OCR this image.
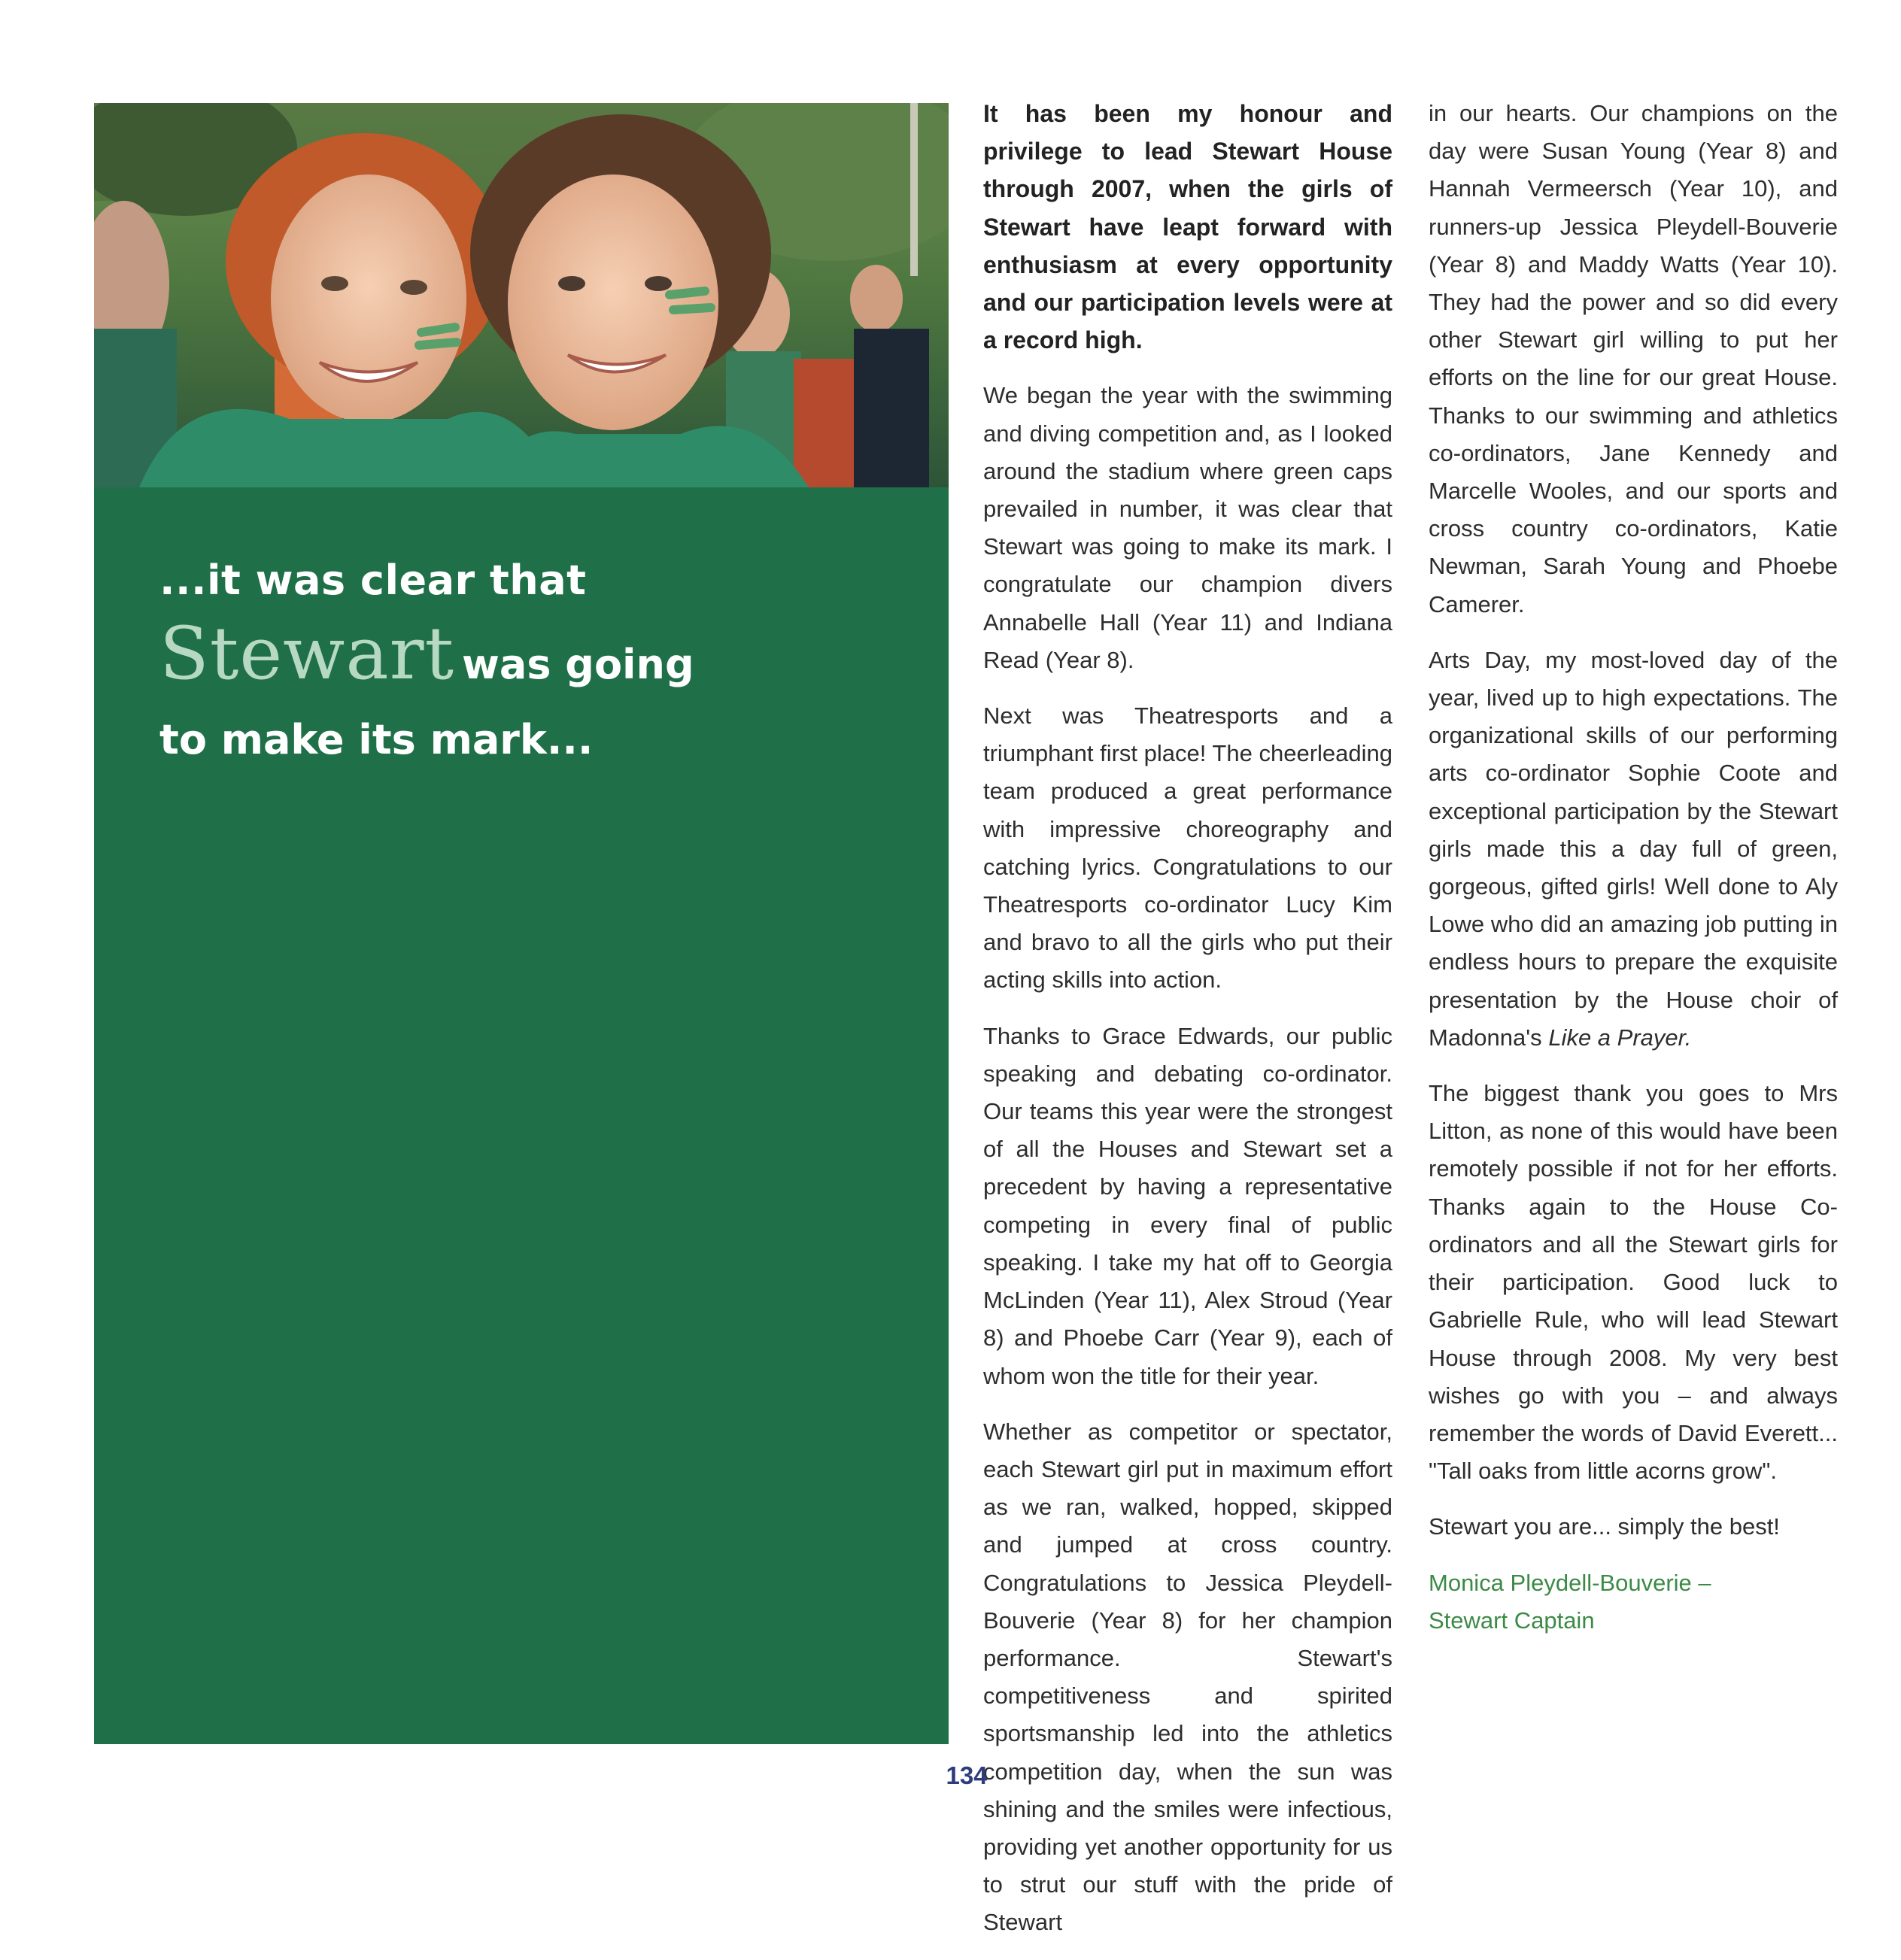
...it was clear that
Stewart was going
to make its mark...

It has been my honour and privilege to lead Stewart House through 2007, when the girls of Stewart have leapt forward with enthusiasm at every opportunity and our participation levels were at a record high.

We began the year with the swimming and diving competition and, as I looked around the stadium where green caps prevailed in number, it was clear that Stewart was going to make its mark. I congratulate our champion divers Annabelle Hall (Year 11) and Indiana Read (Year 8).

Next was Theatresports and a triumphant first place! The cheerleading team produced a great performance with impressive choreography and catching lyrics. Congratulations to our Theatresports co-ordinator Lucy Kim and bravo to all the girls who put their acting skills into action.

Thanks to Grace Edwards, our public speaking and debating co-ordinator. Our teams this year were the strongest of all the Houses and Stewart set a precedent by having a representative competing in every final of public speaking. I take my hat off to Georgia McLinden (Year 11), Alex Stroud (Year 8) and Phoebe Carr (Year 9), each of whom won the title for their year.

Whether as competitor or spectator, each Stewart girl put in maximum effort as we ran, walked, hopped, skipped and jumped at cross country. Congratulations to Jessica Pleydell-Bouverie (Year 8) for her champion performance. Stewart's competitiveness and spirited sportsmanship led into the athletics competition day, when the sun was shining and the smiles were infectious, providing yet another opportunity for us to strut our stuff with the pride of Stewart

in our hearts. Our champions on the day were Susan Young (Year 8) and Hannah Vermeersch (Year 10), and runners-up Jessica Pleydell-Bouverie (Year 8) and Maddy Watts (Year 10). They had the power and so did every other Stewart girl willing to put her efforts on the line for our great House. Thanks to our swimming and athletics co-ordinators, Jane Kennedy and Marcelle Wooles, and our sports and cross country co-ordinators, Katie Newman, Sarah Young and Phoebe Camerer.

Arts Day, my most-loved day of the year, lived up to high expectations. The organizational skills of our performing arts co-ordinator Sophie Coote and exceptional participation by the Stewart girls made this a day full of green, gorgeous, gifted girls! Well done to Aly Lowe who did an amazing job putting in endless hours to prepare the exquisite presentation by the House choir of Madonna's Like a Prayer.

The biggest thank you goes to Mrs Litton, as none of this would have been remotely possible if not for her efforts. Thanks again to the House Co-ordinators and all the Stewart girls for their participation. Good luck to Gabrielle Rule, who will lead Stewart House through 2008. My very best wishes go with you – and always remember the words of David Everett... "Tall oaks from little acorns grow".

Stewart you are... simply the best!

Monica Pleydell-Bouverie –
Stewart Captain

134
